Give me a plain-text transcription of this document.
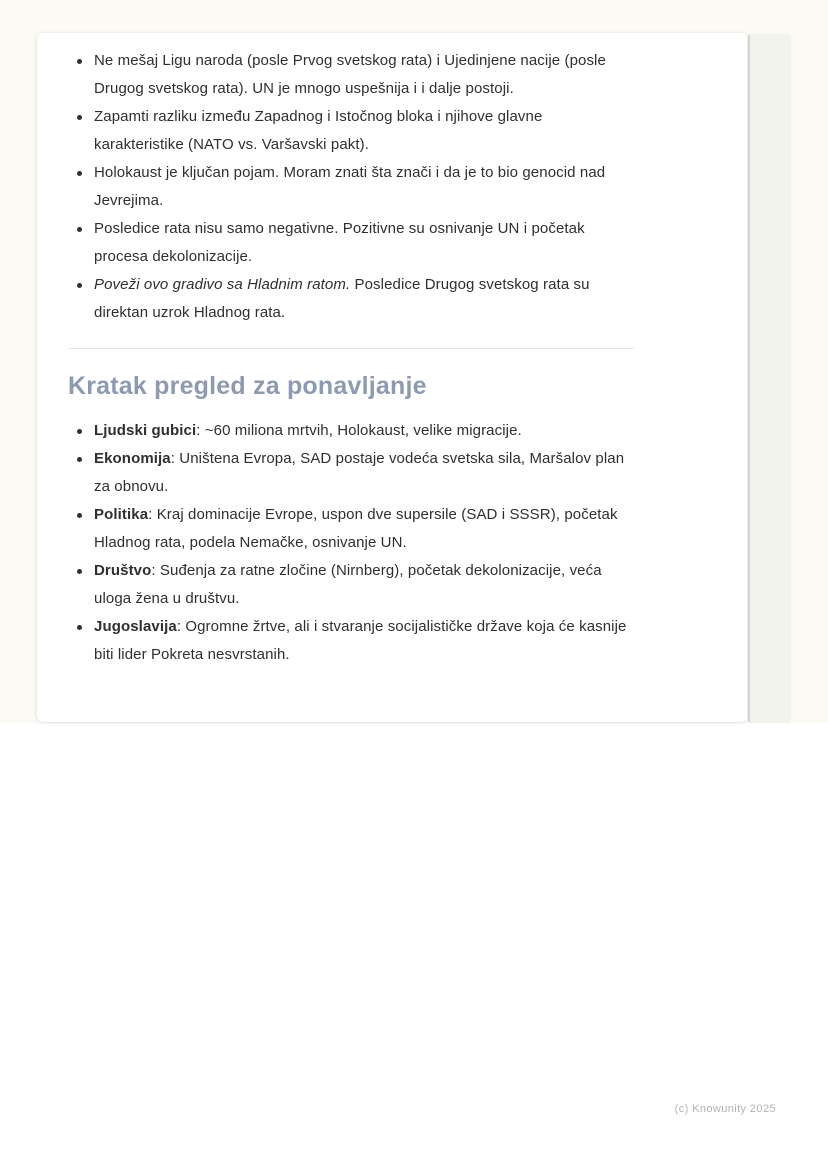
Ne mešaj Ligu naroda (posle Prvog svetskog rata) i Ujedinjene nacije (posle Drugog svetskog rata). UN je mnogo uspešnija i i dalje postoji.
Zapamti razliku između Zapadnog i Istočnog bloka i njihove glavne karakteristike (NATO vs. Varšavski pakt).
Holokaust je ključan pojam. Moram znati šta znači i da je to bio genocid nad Jevrejima.
Posledice rata nisu samo negativne. Pozitivne su osnivanje UN i početak procesa dekolonizacije.
Poveži ovo gradivo sa Hladnim ratom. Posledice Drugog svetskog rata su direktan uzrok Hladnog rata.
Kratak pregled za ponavljanje
Ljudski gubici: ~60 miliona mrtvih, Holokaust, velike migracije.
Ekonomija: Uništena Evropa, SAD postaje vodeća svetska sila, Maršalov plan za obnovu.
Politika: Kraj dominacije Evrope, uspon dve supersile (SAD i SSSR), početak Hladnog rata, podela Nemačke, osnivanje UN.
Društvo: Suđenja za ratne zločine (Nirnberg), početak dekolonizacije, veća uloga žena u društvu.
Jugoslavija: Ogromne žrtve, ali i stvaranje socijalističke države koja će kasnije biti lider Pokreta nesvrstanih.
(c) Knowunity 2025
